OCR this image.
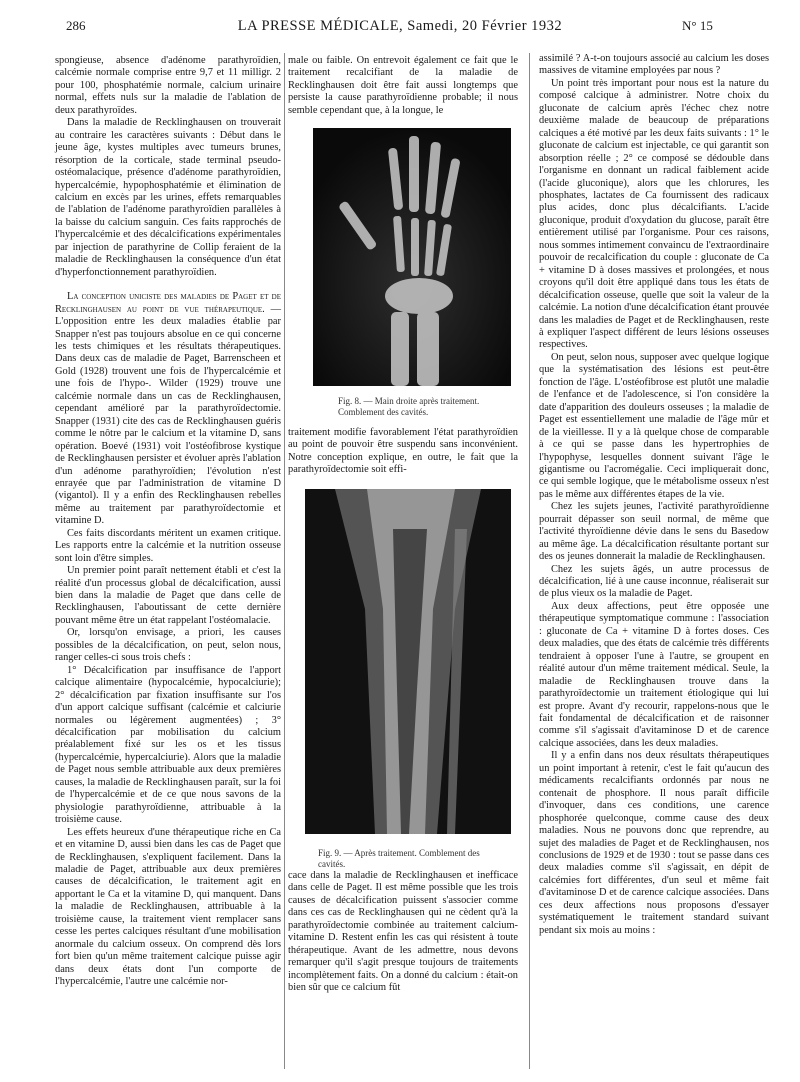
286	LA PRESSE MÉDICALE, Samedi, 20 Février 1932	N° 15

spongieuse, absence d'adénome parathyroïdien, calcémie normale comprise entre 9,7 et 11 milligr. 2 pour 100, phosphatémie normale, calcium urinaire normal, effets nuls sur la maladie de l'ablation de deux parathyroïdes.

Dans la maladie de Recklinghausen on trouverait au contraire les caractères suivants : Début dans le jeune âge, kystes multiples avec tumeurs brunes, résorption de la corticale, stade terminal pseudo-ostéomalacique, présence d'adénome parathyroïdien, hypercalcémie, hypophosphatémie et élimination de calcium en excès par les urines, effets remarquables de l'ablation de l'adénome parathyroïdien parallèles à la baisse du calcium sanguin. Ces faits rapprochés de l'hypercalcémie et des décalcifications expérimentales par injection de parathyrine de Collip feraient de la maladie de Recklinghausen la conséquence d'un état d'hyperfonctionnement parathyroïdien.

La conception uniciste des maladies de Paget et de Recklinghausen au point de vue thérapeutique. — L'opposition entre les deux maladies établie par Snapper n'est pas toujours absolue en ce qui concerne les tests chimiques et les résultats thérapeutiques. Dans deux cas de maladie de Paget, Barrenscheen et Gold (1928) trouvent une fois de l'hypercalcémie et une fois de l'hypo-. Wilder (1929) trouve une calcémie normale dans un cas de Recklinghausen, cependant amélioré par la parathyroïdectomie. Snapper (1931) cite des cas de Recklinghausen guéris comme le nôtre par le calcium et la vitamine D, sans opération. Boevé (1931) voit l'ostéofibrose kystique de Recklinghausen persister et évoluer après l'ablation d'un adénome parathyroïdien; l'évolution n'est enrayée que par l'administration de vitamine D (vigantol). Il y a enfin des Recklinghausen rebelles même au traitement par parathyroïdectomie et vitamine D.

Ces faits discordants méritent un examen critique. Les rapports entre la calcémie et la nutrition osseuse sont loin d'être simples.

Un premier point paraît nettement établi et c'est la réalité d'un processus global de décalcification, aussi bien dans la maladie de Paget que dans celle de Recklinghausen, l'aboutissant de cette dernière pouvant même être un état rappelant l'ostéomalacie.

Or, lorsqu'on envisage, a priori, les causes possibles de la décalcification, on peut, selon nous, ranger celles-ci sous trois chefs :

1° Décalcification par insuffisance de l'apport calcique alimentaire (hypocalcémie, hypocalciurie); 2° décalcification par fixation insuffisante sur l'os d'un apport calcique suffisant (calcémie et calciurie normales ou légèrement augmentées) ; 3° décalcification par mobilisation du calcium préalablement fixé sur les os et les tissus (hypercalcémie, hypercalciurie). Alors que la maladie de Paget nous semble attribuable aux deux premières causes, la maladie de Recklinghausen paraît, sur la foi de l'hypercalcémie et de ce que nous savons de la physiologie parathyroïdienne, attribuable à la troisième cause.

Les effets heureux d'une thérapeutique riche en Ca et en vitamine D, aussi bien dans les cas de Paget que de Recklinghausen, s'expliquent facilement. Dans la maladie de Paget, attribuable aux deux premières causes de décalcification, le traitement agit en apportant le Ca et la vitamine D, qui manquent. Dans la maladie de Recklinghausen, attribuable à la troisième cause, la traitement vient remplacer sans cesse les pertes calciques résultant d'une mobilisation anormale du calcium osseux. On comprend dès lors fort bien qu'un même traitement calcique puisse agir dans deux états dont l'un comporte de l'hypercalcémie, l'autre une calcémie nor-

male ou faible. On entrevoit également ce fait que le traitement recalcifiant de la maladie de Recklinghausen doit être fait aussi longtemps que persiste la cause parathyroïdienne probable; il nous semble cependant que, à la longue, le

Fig. 8. — Main droite après traitement. Comblement des cavités.

traitement modifie favorablement l'état parathyroïdien au point de pouvoir être suspendu sans inconvénient. Notre conception explique, en outre, le fait que la parathyroïdectomie soit effi-

Fig. 9. — Après traitement. Comblement des cavités.

cace dans la maladie de Recklinghausen et inefficace dans celle de Paget. Il est même possible que les trois causes de décalcification puissent s'associer comme dans ces cas de Recklinghausen qui ne cèdent qu'à la parathyroïdectomie combinée au traitement calcium-vitamine D. Restent enfin les cas qui résistent à toute thérapeutique. Avant de les admettre, nous devons remarquer qu'il s'agit presque toujours de traitements incomplètement faits. On a donné du calcium : était-on bien sûr que ce calcium fût

assimilé ? A-t-on toujours associé au calcium les doses massives de vitamine employées par nous ?

Un point très important pour nous est la nature du composé calcique à administrer. Notre choix du gluconate de calcium après l'échec chez notre deuxième malade de beaucoup de préparations calciques a été motivé par les deux faits suivants : 1° le gluconate de calcium est injectable, ce qui garantit son absorption réelle ; 2° ce composé se dédouble dans l'organisme en donnant un radical faiblement acide (l'acide gluconique), alors que les chlorures, les phosphates, lactates de Ca fournissent des radicaux plus acides, donc plus décalcifiants. L'acide gluconique, produit d'oxydation du glucose, paraît être entièrement utilisé par l'organisme. Pour ces raisons, nous sommes intimement convaincu de l'extraordinaire pouvoir de recalcification du couple : gluconate de Ca + vitamine D à doses massives et prolongées, et nous croyons qu'il doit être appliqué dans tous les états de décalcification osseuse, quelle que soit la valeur de la calcémie. La notion d'une décalcification étant prouvée dans les maladies de Paget et de Recklinghausen, reste à expliquer l'aspect différent de leurs lésions osseuses respectives.

On peut, selon nous, supposer avec quelque logique que la systématisation des lésions est peut-être fonction de l'âge. L'ostéofibrose est plutôt une maladie de l'enfance et de l'adolescence, si l'on considère la date d'apparition des douleurs osseuses ; la maladie de Paget est essentiellement une maladie de l'âge mûr et de la vieillesse. Il y a là quelque chose de comparable à ce qui se passe dans les hypertrophies de l'hypophyse, lesquelles donnent suivant l'âge le gigantisme ou l'acromégalie. Ceci impliquerait donc, ce qui semble logique, que le métabolisme osseux n'est pas le même aux différentes étapes de la vie.

Chez les sujets jeunes, l'activité parathyroïdienne pourrait dépasser son seuil normal, de même que l'activité thyroïdienne dévie dans le sens du Basedow au même âge. La décalcification résultante portant sur des os jeunes donnerait la maladie de Recklinghausen.

Chez les sujets âgés, un autre processus de décalcification, lié à une cause inconnue, réaliserait sur de plus vieux os la maladie de Paget.

Aux deux affections, peut être opposée une thérapeutique symptomatique commune : l'association : gluconate de Ca + vitamine D à fortes doses. Ces deux maladies, que des états de calcémie très différents tendraient à opposer l'une à l'autre, se groupent en réalité autour d'un même traitement médical. Seule, la maladie de Recklinghausen trouve dans la parathyroïdectomie un traitement étiologique qui lui est propre. Avant d'y recourir, rappelons-nous que le fait fondamental de décalcification et de raisonner comme s'il s'agissait d'avitaminose D et de carence calcique associées, dans les deux maladies.

Il y a enfin dans nos deux résultats thérapeutiques un point important à retenir, c'est le fait qu'aucun des médicaments recalcifiants ordonnés par nous ne contenait de phosphore. Il nous paraît difficile d'invoquer, dans ces conditions, une carence phosphorée quelconque, comme cause des deux maladies. Nous ne pouvons donc que reprendre, au sujet des maladies de Paget et de Recklinghausen, nos conclusions de 1929 et de 1930 : tout se passe dans ces deux maladies comme s'il s'agissait, en dépit de calcémies fort différentes, d'un seul et même fait d'avitaminose D et de carence calcique associées. Dans ces deux affections nous proposons d'essayer systématiquement le traitement standard suivant pendant six mois au moins :
